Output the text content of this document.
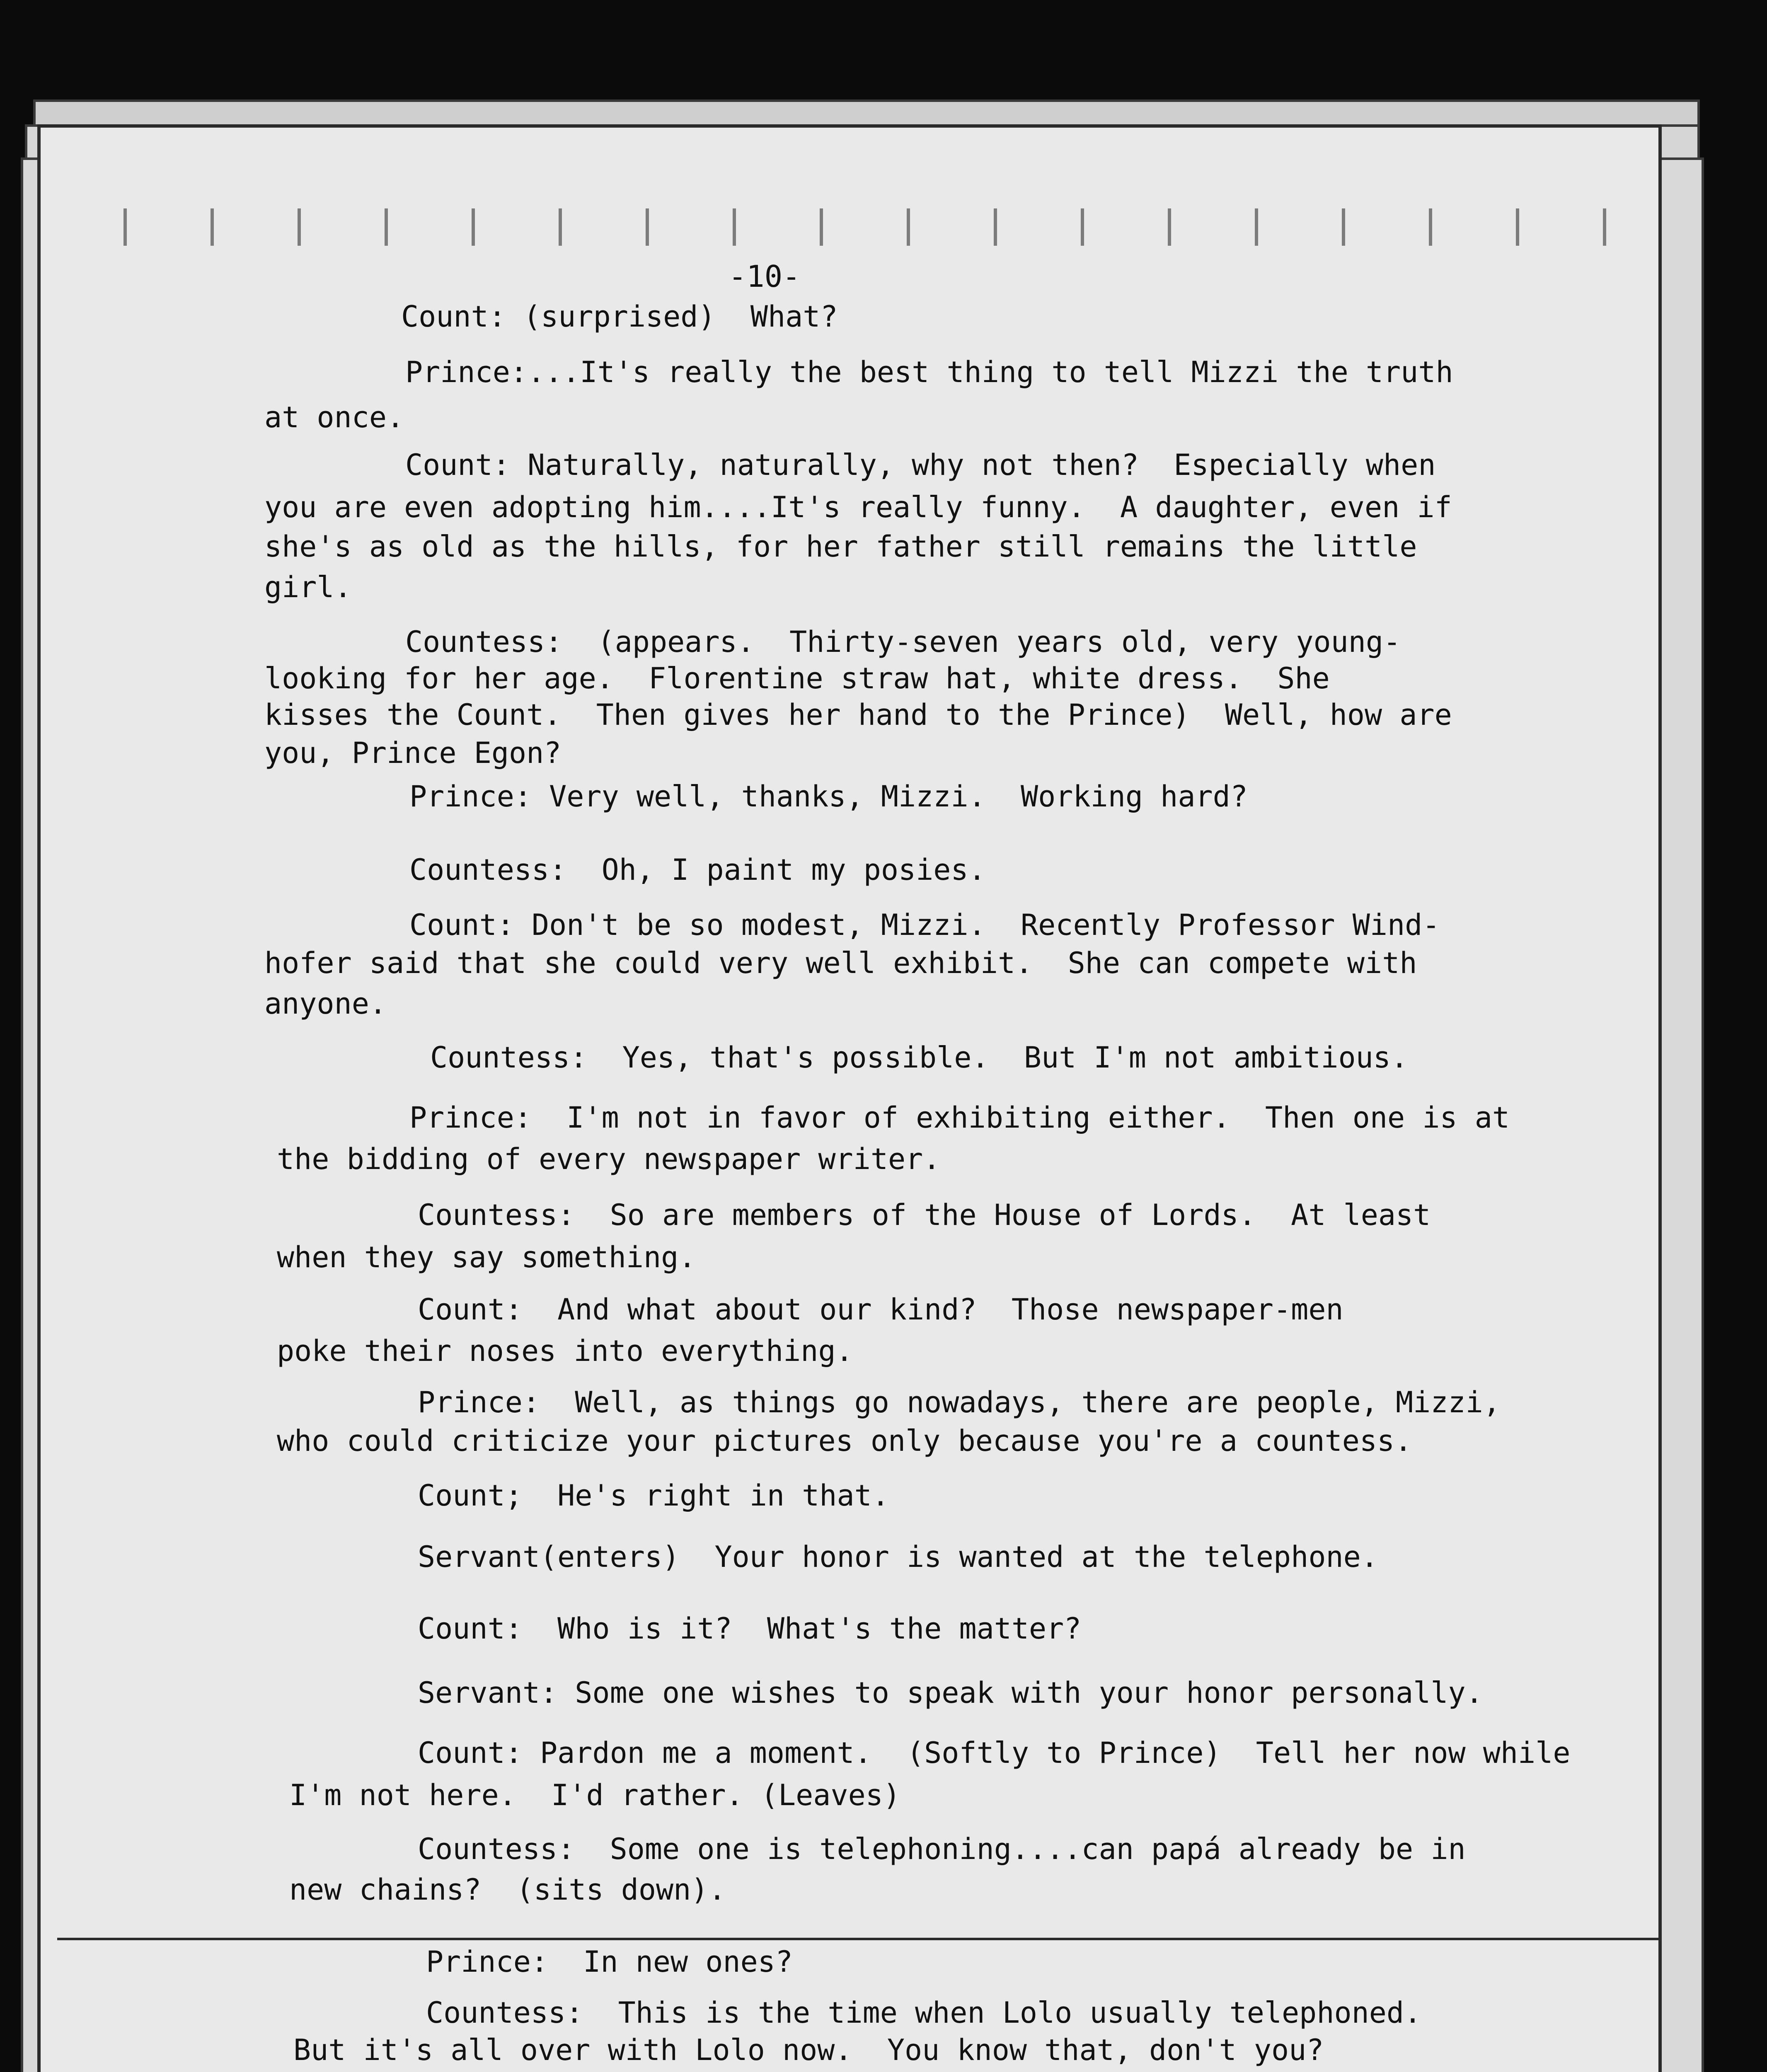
-10-

Count: (surprised)  What?

Prince:...It's really the best thing to tell Mizzi the truth

at once.

Count: Naturally, naturally, why not then?  Especially when

you are even adopting him....It's really funny.  A daughter, even if

she's as old as the hills, for her father still remains the little

girl.

Countess:  (appears.  Thirty-seven years old, very young-

looking for her age.  Florentine straw hat, white dress.  She

kisses the Count.  Then gives her hand to the Prince)  Well, how are

you, Prince Egon?

Prince: Very well, thanks, Mizzi.  Working hard?

Countess:  Oh, I paint my posies.

Count: Don't be so modest, Mizzi.  Recently Professor Wind-

hofer said that she could very well exhibit.  She can compete with

anyone.

Countess:  Yes, that's possible.  But I'm not ambitious.

Prince:  I'm not in favor of exhibiting either.  Then one is at

the bidding of every newspaper writer.

Countess:  So are members of the House of Lords.  At least

when they say something.

Count:  And what about our kind?  Those newspaper-men

poke their noses into everything.

Prince:  Well, as things go nowadays, there are people, Mizzi,

who could criticize your pictures only because you're a countess.

Count;  He's right in that.

Servant(enters)  Your honor is wanted at the telephone.

Count:  Who is it?  What's the matter?

Servant: Some one wishes to speak with your honor personally.

Count: Pardon me a moment.  (Softly to Prince)  Tell her now while

I'm not here.  I'd rather. (Leaves)

Countess:  Some one is telephoning....can papá already be in

new chains?  (sits down).

Prince:  In new ones?

Countess:  This is the time when Lolo usually telephoned.

But it's all over with Lolo now.  You know that, don't you?
